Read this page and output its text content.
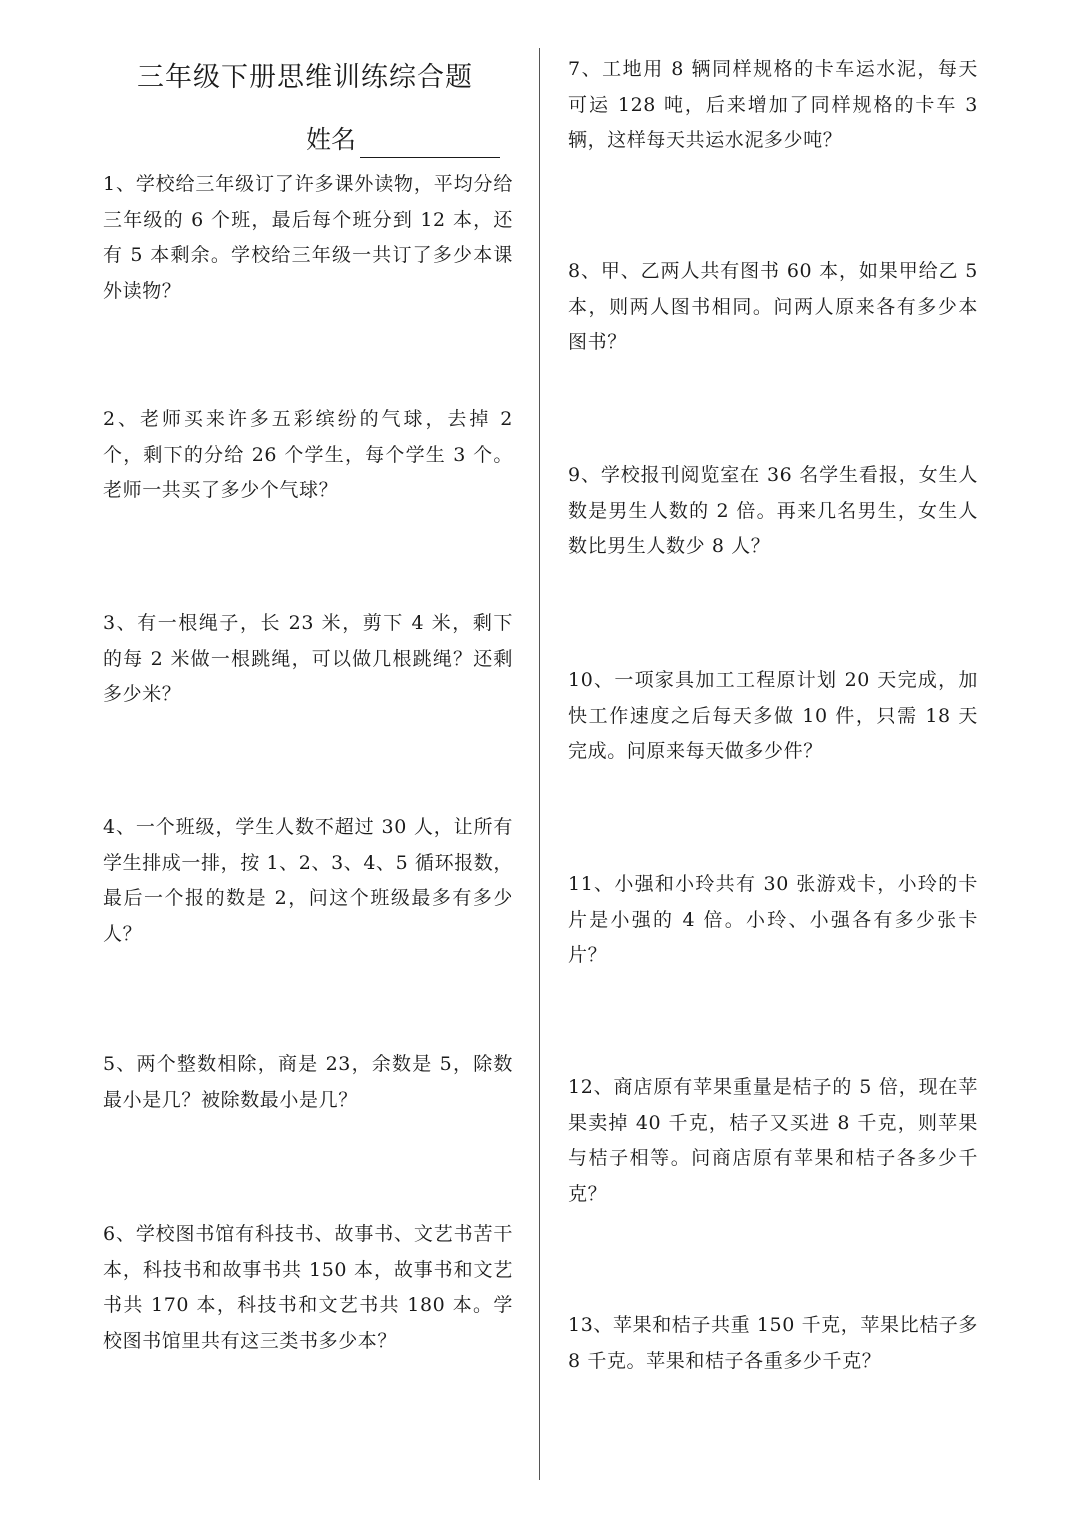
三年级下册思维训练综合题
姓名
1、学校给三年级订了许多课外读物，平均分给三年级的 6 个班，最后每个班分到 12 本，还有 5 本剩余。学校给三年级一共订了多少本课外读物？
2、老师买来许多五彩缤纷的气球，去掉 2 个，剩下的分给 26 个学生，每个学生 3 个。老师一共买了多少个气球？
3、有一根绳子，长 23 米，剪下 4 米，剩下的每 2 米做一根跳绳，可以做几根跳绳？还剩多少米？
4、一个班级，学生人数不超过 30 人，让所有学生排成一排，按 1、2、3、4、5 循环报数，最后一个报的数是 2，问这个班级最多有多少人？
5、两个整数相除，商是 23，余数是 5，除数最小是几？被除数最小是几？
6、学校图书馆有科技书、故事书、文艺书苦干本，科技书和故事书共 150 本，故事书和文艺书共 170 本，科技书和文艺书共 180 本。学校图书馆里共有这三类书多少本？
7、工地用 8 辆同样规格的卡车运水泥，每天可运 128 吨，后来增加了同样规格的卡车 3 辆，这样每天共运水泥多少吨？
8、甲、乙两人共有图书 60 本，如果甲给乙 5 本，则两人图书相同。问两人原来各有多少本图书？
9、学校报刊阅览室在 36 名学生看报，女生人数是男生人数的 2 倍。再来几名男生，女生人数比男生人数少 8 人？
10、一项家具加工工程原计划 20 天完成，加快工作速度之后每天多做 10 件，只需 18 天完成。问原来每天做多少件？
11、小强和小玲共有 30 张游戏卡，小玲的卡片是小强的 4 倍。小玲、小强各有多少张卡片？
12、商店原有苹果重量是桔子的 5 倍，现在苹果卖掉 40 千克，桔子又买进 8 千克，则苹果与桔子相等。问商店原有苹果和桔子各多少千克？
13、苹果和桔子共重 150 千克，苹果比桔子多 8 千克。苹果和桔子各重多少千克？
